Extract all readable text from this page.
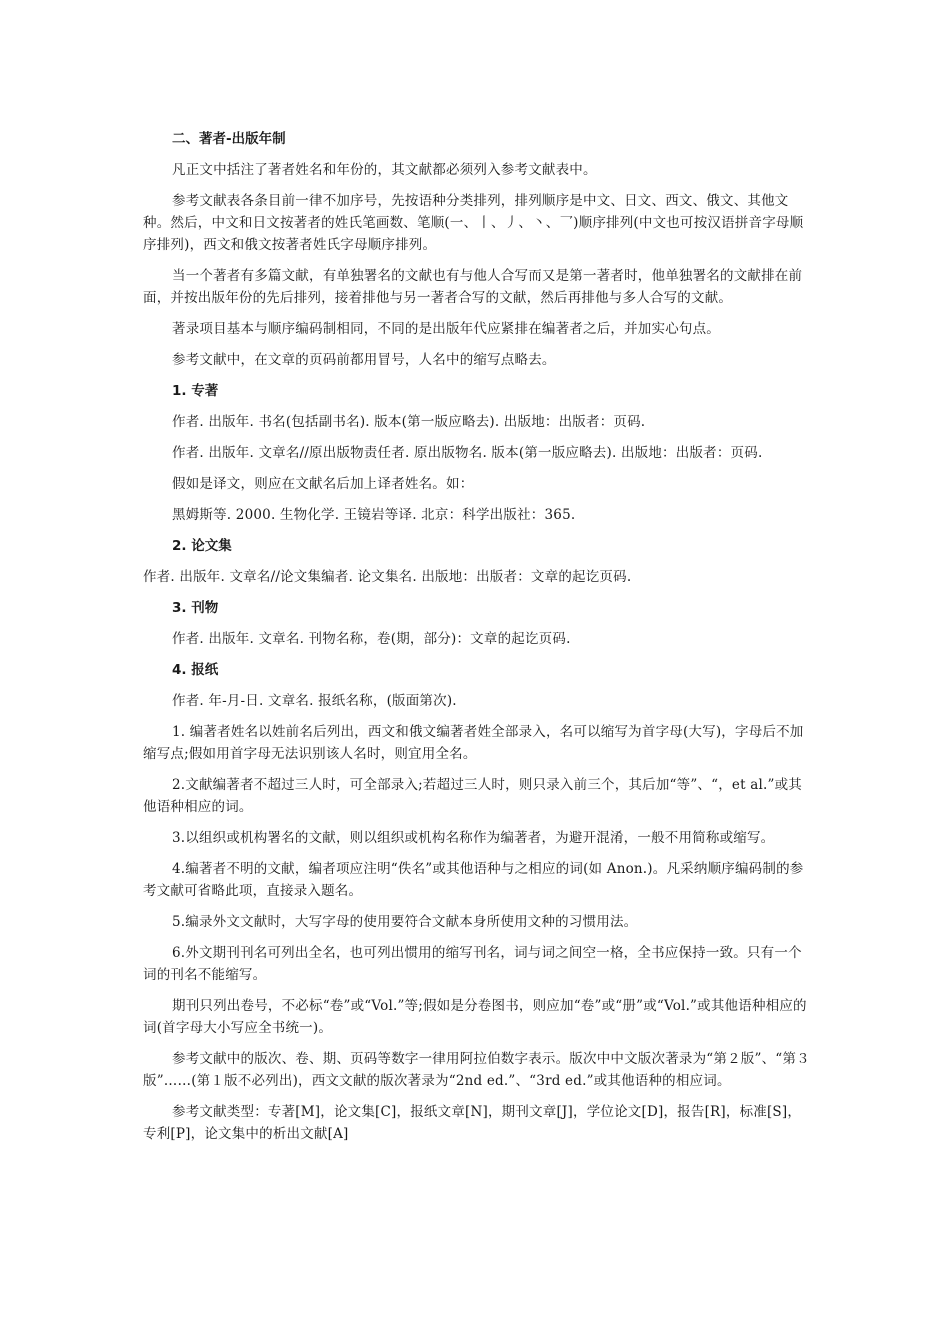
二、著者-出版年制

凡正文中括注了著者姓名和年份的，其文献都必须列入参考文献表中。

参考文献表各条目前一律不加序号，先按语种分类排列，排列顺序是中文、日文、西文、俄文、其他文种。然后，中文和日文按著者的姓氏笔画数、笔顺(一、丨、丿、丶、乛)顺序排列(中文也可按汉语拼音字母顺序排列)，西文和俄文按著者姓氏字母顺序排列。

当一个著者有多篇文献，有单独署名的文献也有与他人合写而又是第一著者时，他单独署名的文献排在前面，并按出版年份的先后排列，接着排他与另一著者合写的文献，然后再排他与多人合写的文献。

著录项目基本与顺序编码制相同，不同的是出版年代应紧排在编著者之后，并加实心句点。

参考文献中，在文章的页码前都用冒号，人名中的缩写点略去。

1. 专著

作者. 出版年. 书名(包括副书名). 版本(第一版应略去). 出版地：出版者：页码.

作者. 出版年. 文章名//原出版物责任者. 原出版物名. 版本(第一版应略去). 出版地：出版者：页码.

假如是译文，则应在文献名后加上译者姓名。如：

黑姆斯等. 2000. 生物化学. 王镜岩等译. 北京：科学出版社：365.

2. 论文集

作者. 出版年. 文章名//论文集编者. 论文集名. 出版地：出版者：文章的起讫页码.

3. 刊物

作者. 出版年. 文章名. 刊物名称，卷(期，部分)：文章的起讫页码.

4. 报纸

作者. 年-月-日. 文章名. 报纸名称，(版面第次).

1. 编著者姓名以姓前名后列出，西文和俄文编著者姓全部录入，名可以缩写为首字母(大写)，字母后不加缩写点;假如用首字母无法识别该人名时，则宜用全名。

2.文献编著者不超过三人时，可全部录入;若超过三人时，则只录入前三个，其后加“等”、“，et al.”或其他语种相应的词。

3.以组织或机构署名的文献，则以组织或机构名称作为编著者，为避开混淆，一般不用简称或缩写。

4.编著者不明的文献，编者项应注明“佚名”或其他语种与之相应的词(如 Anon.)。凡采纳顺序编码制的参考文献可省略此项，直接录入题名。

5.编录外文文献时，大写字母的使用要符合文献本身所使用文种的习惯用法。

6.外文期刊刊名可列出全名，也可列出惯用的缩写刊名，词与词之间空一格，全书应保持一致。只有一个词的刊名不能缩写。

期刊只列出卷号，不必标“卷”或“Vol.”等;假如是分卷图书，则应加“卷”或“册”或“Vol.”或其他语种相应的词(首字母大小写应全书统一)。

参考文献中的版次、卷、期、页码等数字一律用阿拉伯数字表示。版次中中文版次著录为“第２版”、“第３版”……(第１版不必列出)，西文文献的版次著录为“2nd ed.”、“3rd ed.”或其他语种的相应词。

参考文献类型：专著[M]，论文集[C]，报纸文章[N]，期刊文章[J]，学位论文[D]，报告[R]，标准[S]，专利[P]，论文集中的析出文献[A]
